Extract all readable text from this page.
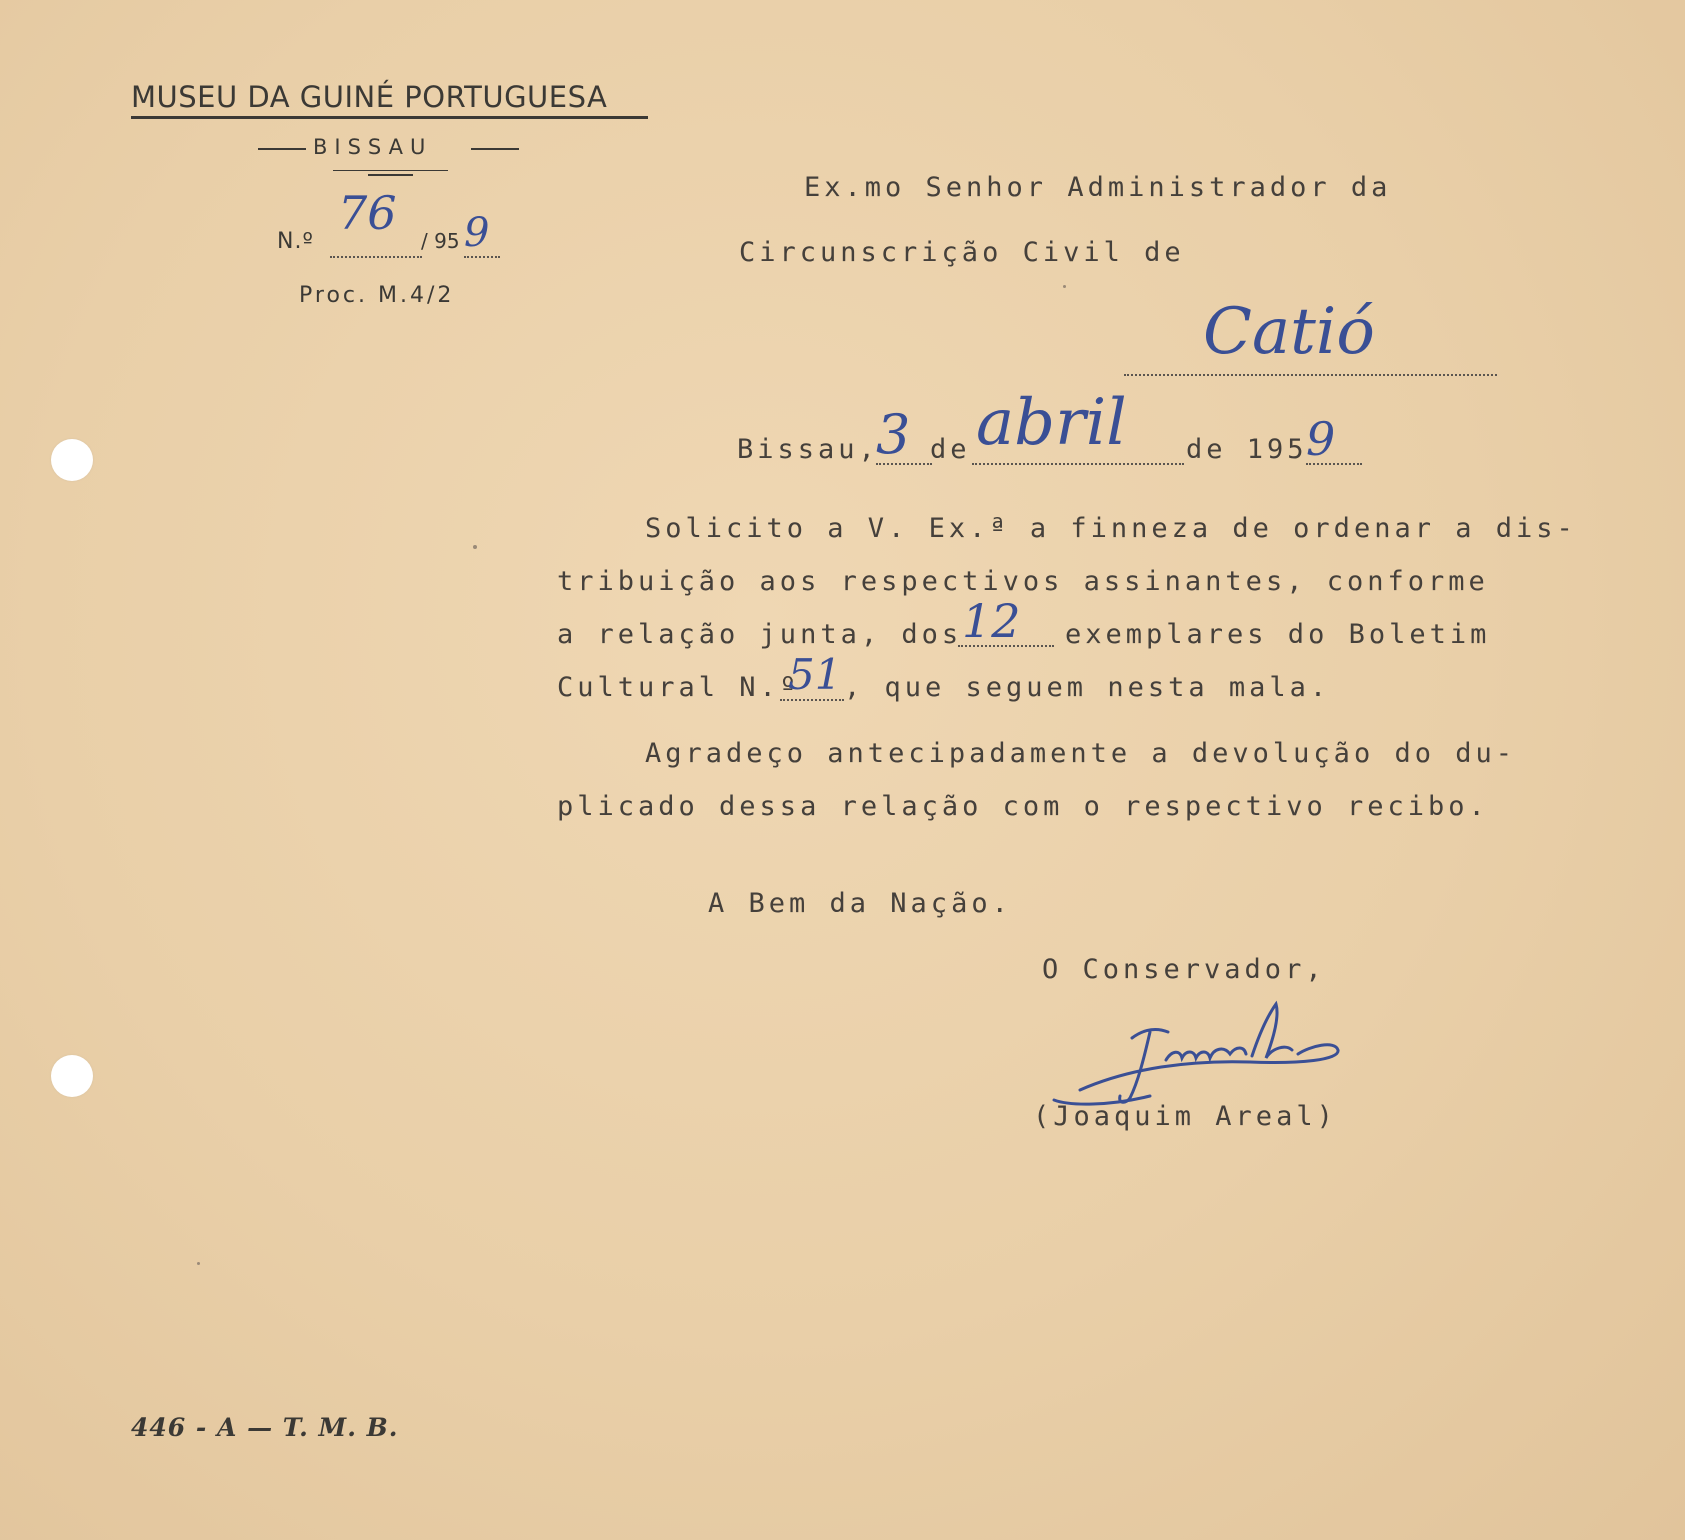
MUSEU DA GUINÉ PORTUGUESA
BISSAU
N.º
76
/ 95 9
Proc. M.4/2
Ex.mo Senhor Administrador da
Circunscrição Civil de
Catió
Bissau,
3 de abril de 195
9
Solicito a V. Ex.ª a finneza de ordenar a dis-
tribuição aos respectivos assinantes, conforme
a relação junta, dos 12 exemplares do Boletim
Cultural N.º
51 , que seguem nesta mala.
Agradeço antecipadamente a devolução do du-
plicado dessa relação com o respectivo recibo.
A Bem da Nação.
O Conservador,
(Joaquim Areal)
446 - A — T. M. B.
